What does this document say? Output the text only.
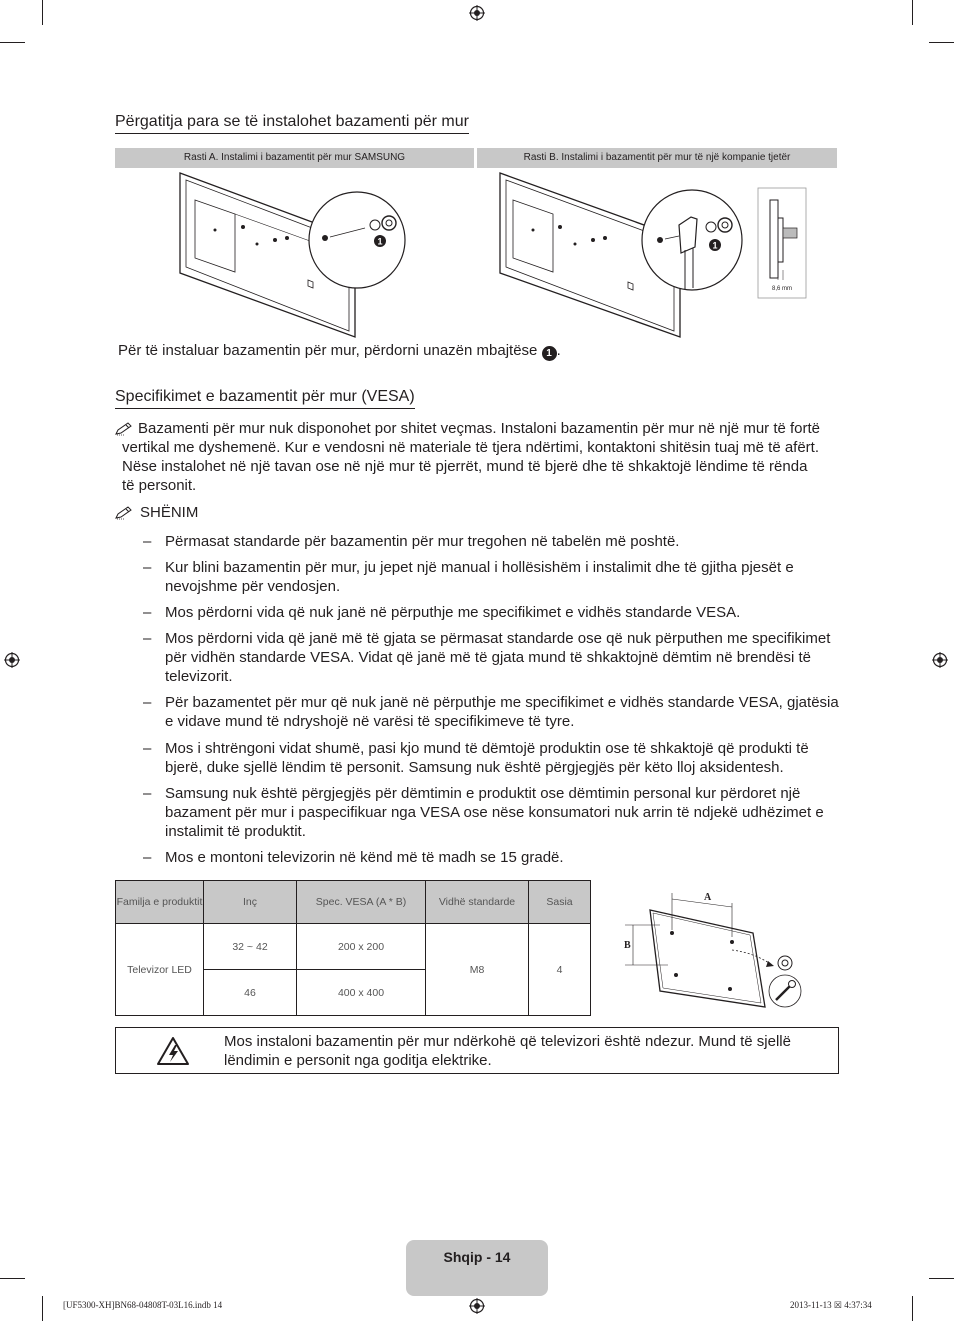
Përgatitja para se të instalohet bazamenti për mur
Rasti A. Instalimi i bazamentit për mur SAMSUNG	Rasti B. Instalimi i bazamentit për mur të një kompanie tjetër
1	1
8,6 mm
Për të instaluar bazamentin për mur, përdorni unazën mbajtëse 1 .
Specifikimet e bazamentit për mur (VESA)
Bazamenti për mur nuk disponohet por shitet veçmas. Instaloni bazamentin për mur në një mur të fortë vertikal me dyshemenë. Kur e vendosni në materiale të tjera ndërtimi, kontaktoni shitësin tuaj më të afërt. Nëse instalohet në një tavan ose në një mur të pjerrët, mund të bjerë dhe të shkaktojë lëndime të rënda të personit.
SHËNIM
– Përmasat standarde për bazamentin për mur tregohen në tabelën më poshtë.
– Kur blini bazamentin për mur, ju jepet një manual i hollësishëm i instalimit dhe të gjitha pjesët e nevojshme për vendosjen.
– Mos përdorni vida që nuk janë në përputhje me specifikimet e vidhës standarde VESA.
– Mos përdorni vida që janë më të gjata se përmasat standarde ose që nuk përputhen me specifikimet për vidhën standarde VESA. Vidat që janë më të gjata mund të shkaktojnë dëmtim në brendësi të televizorit.
– Për bazamentet për mur që nuk janë në përputhje me specifikimet e vidhës standarde VESA, gjatësia e vidave mund të ndryshojë në varësi të specifikimeve të tyre.
– Mos i shtrëngoni vidat shumë, pasi kjo mund të dëmtojë produktin ose të shkaktojë që produkti të bjerë, duke sjellë lëndim të personit. Samsung nuk është përgjegjës për këto lloj aksidentesh.
– Samsung nuk është përgjegjës për dëmtimin e produktit ose dëmtimin personal kur përdoret një bazament për mur i paspecifikuar nga VESA ose nëse konsumatori nuk arrin të ndjekë udhëzimet e instalimit të produktit.
– Mos e montoni televizorin në kënd më të madh se 15 gradë.
Familja e produktit	Inç	Spec. VESA (A * B)	Vidhë standarde	Sasia
Televizor LED	32 ~ 42	200 x 200	M8	4
	46	400 x 400		
A
B
Mos instaloni bazamentin për mur ndërkohë që televizori është ndezur. Mund të sjellë lëndimin e personit nga goditja elektrike.
Shqip - 14
[UF5300-XH]BN68-04808T-03L16.indb 14	2013-11-13 ☒ 4:37:34
